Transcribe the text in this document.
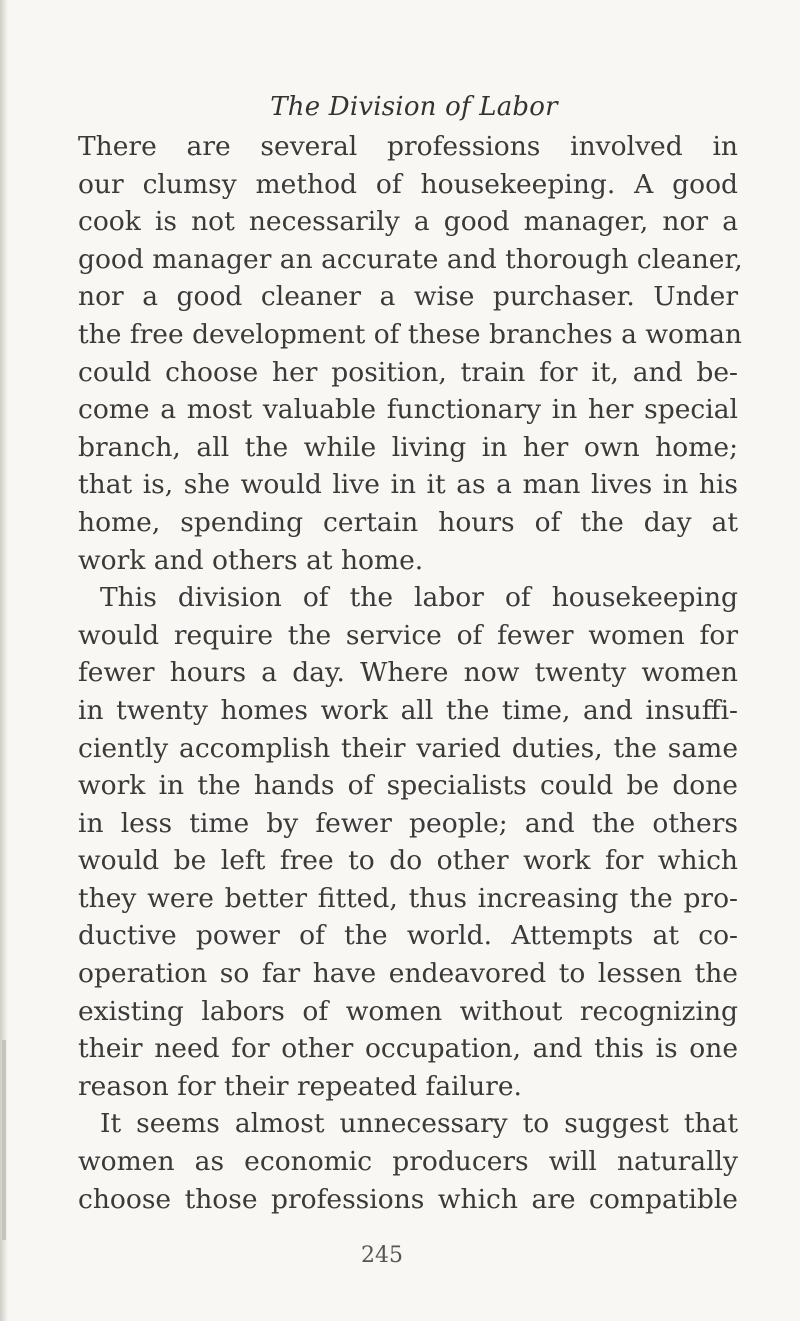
The Division of Labor
There are several professions involved in
our clumsy method of housekeeping. A good
cook is not necessarily a good manager, nor a
good manager an accurate and thorough cleaner,
nor a good cleaner a wise purchaser. Under
the free development of these branches a woman
could choose her position, train for it, and be-
come a most valuable functionary in her special
branch, all the while living in her own home;
that is, she would live in it as a man lives in his
home, spending certain hours of the day at
work and others at home.
This division of the labor of housekeeping
would require the service of fewer women for
fewer hours a day. Where now twenty women
in twenty homes work all the time, and insuffi-
ciently accomplish their varied duties, the same
work in the hands of specialists could be done
in less time by fewer people; and the others
would be left free to do other work for which
they were better fitted, thus increasing the pro-
ductive power of the world. Attempts at co-
operation so far have endeavored to lessen the
existing labors of women without recognizing
their need for other occupation, and this is one
reason for their repeated failure.
It seems almost unnecessary to suggest that
women as economic producers will naturally
choose those professions which are compatible
245
